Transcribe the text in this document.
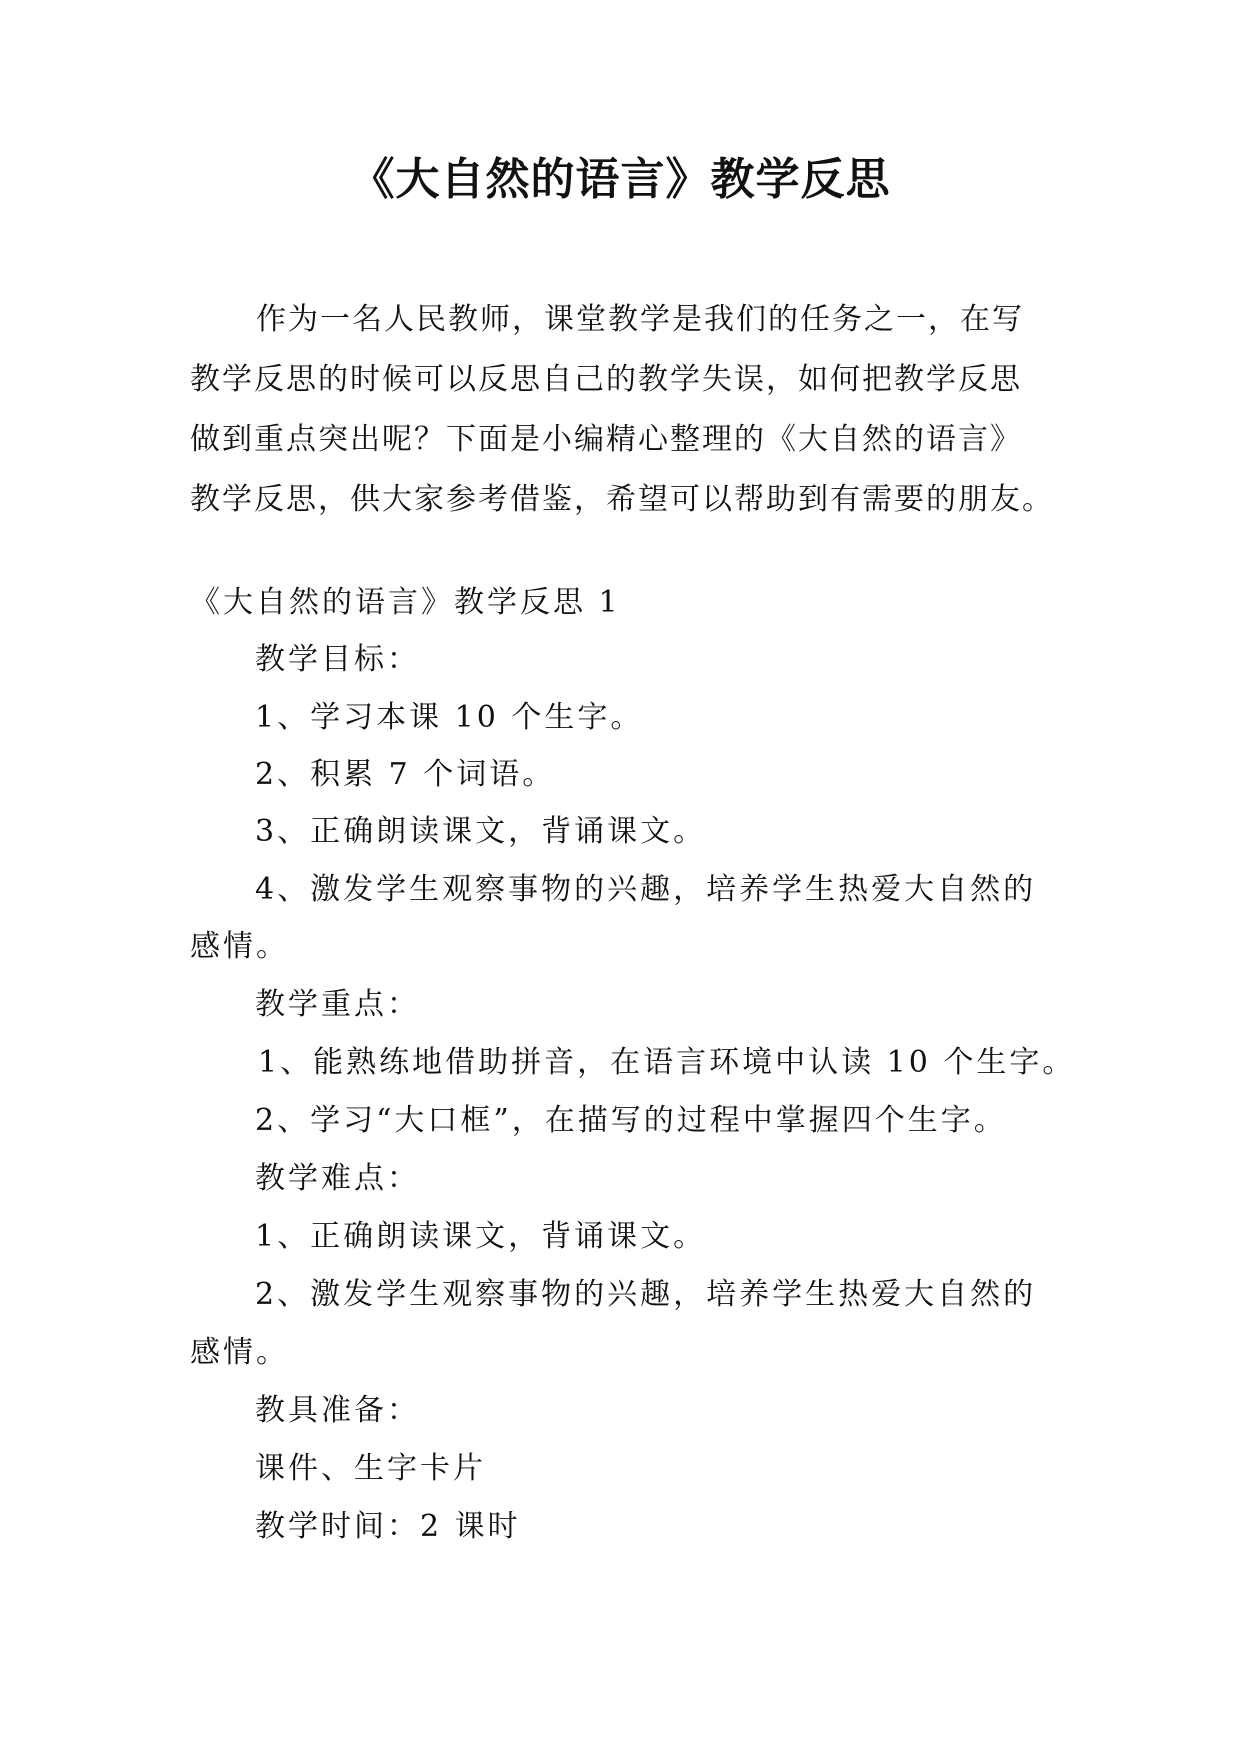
《大自然的语言》教学反思
作为一名人民教师，课堂教学是我们的任务之一，在写
教学反思的时候可以反思自己的教学失误，如何把教学反思
做到重点突出呢？下面是小编精心整理的《大自然的语言》
教学反思，供大家参考借鉴，希望可以帮助到有需要的朋友。
《大自然的语言》教学反思 1
教学目标：
1、学习本课 10 个生字。
2、积累 7 个词语。
3、正确朗读课文，背诵课文。
4、激发学生观察事物的兴趣，培养学生热爱大自然的
感情。
教学重点：
1、能熟练地借助拼音，在语言环境中认读 10 个生字。
2、学习“大口框”，在描写的过程中掌握四个生字。
教学难点：
1、正确朗读课文，背诵课文。
2、激发学生观察事物的兴趣，培养学生热爱大自然的
感情。
教具准备：
课件、生字卡片
教学时间：2 课时
